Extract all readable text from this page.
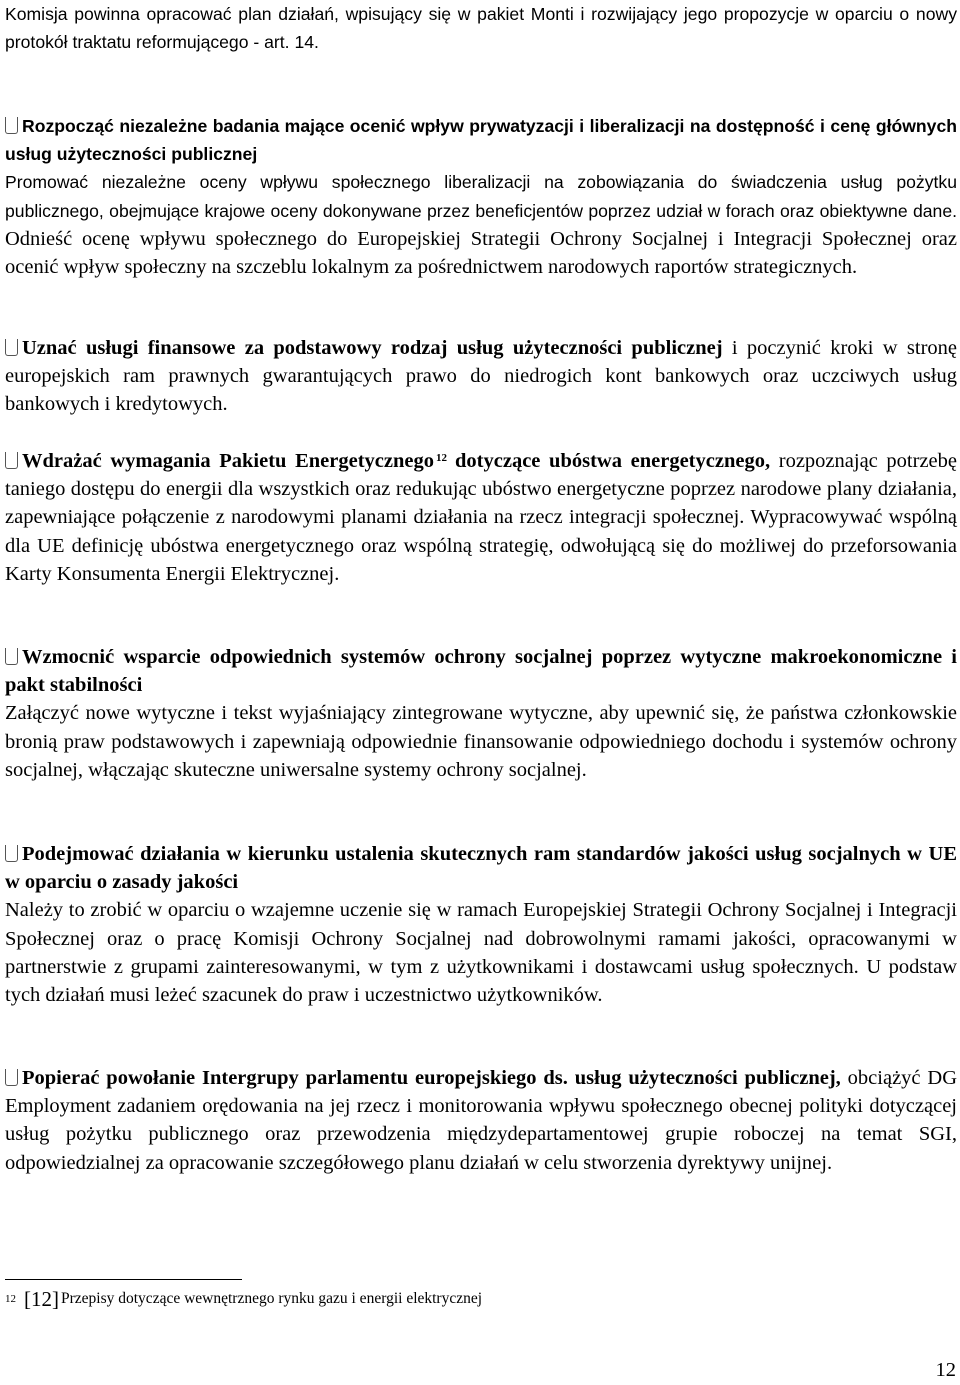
Komisja powinna opracować plan działań, wpisujący się w pakiet Monti i rozwijający jego propozycje w oparciu o nowy protokół traktatu reformującego - art. 14.

Rozpocząć niezależne badania mające ocenić wpływ prywatyzacji i liberalizacji na dostępność i cenę głównych usług użyteczności publicznej

Promować niezależne oceny wpływu społecznego liberalizacji na zobowiązania do świadczenia usług pożytku publicznego, obejmujące krajowe oceny dokonywane przez beneficjentów poprzez udział w forach oraz obiektywne dane. Odnieść ocenę wpływu społecznego do Europejskiej Strategii Ochrony Socjalnej i Integracji Społecznej oraz ocenić wpływ społeczny na szczeblu lokalnym za pośrednictwem narodowych raportów strategicznych.

Uznać usługi finansowe za podstawowy rodzaj usług użyteczności publicznej i poczynić kroki w stronę europejskich ram prawnych gwarantujących prawo do niedrogich kont bankowych oraz uczciwych usług bankowych i kredytowych.

Wdrażać wymagania Pakietu Energetycznego $^{12}$ dotyczące ubóstwa energetycznego, rozpoznając potrzebę taniego dostępu do energii dla wszystkich oraz redukując ubóstwo energetyczne poprzez narodowe plany działania, zapewniające połączenie z narodowymi planami działania na rzecz integracji społecznej. Wypracowywać wspólną dla UE definicję ubóstwa energetycznego oraz wspólną strategię, odwołującą się do możliwej do przeforsowania Karty Konsumenta Energii Elektrycznej.

Wzmocnić wsparcie odpowiednich systemów ochrony socjalnej poprzez wytyczne makroekonomiczne i pakt stabilności

Załączyć nowe wytyczne i tekst wyjaśniający zintegrowane wytyczne, aby upewnić się, że państwa członkowskie bronią praw podstawowych i zapewniają odpowiednie finansowanie odpowiedniego dochodu i systemów ochrony socjalnej, włączając skuteczne uniwersalne systemy ochrony socjalnej.

Podejmować działania w kierunku ustalenia skutecznych ram standardów jakości usług socjalnych w UE w oparciu o zasady jakości

Należy to zrobić w oparciu o wzajemne uczenie się w ramach Europejskiej Strategii Ochrony Socjalnej i Integracji Społecznej oraz o pracę Komisji Ochrony Socjalnej nad dobrowolnymi ramami jakości, opracowanymi w partnerstwie z grupami zainteresowanymi, w tym z użytkownikami i dostawcami usług społecznych. U podstaw tych działań musi leżeć szacunek do praw i uczestnictwo użytkowników.

Popierać powołanie Intergrupy parlamentu europejskiego ds. usług użyteczności publicznej, obciążyć DG Employment zadaniem orędowania na jej rzecz i monitorowania wpływu społecznego obecnej polityki dotyczącej usług pożytku publicznego oraz przewodzenia międzydepartamentowej grupie roboczej na temat SGI, odpowiedzialnej za opracowanie szczegółowego planu działań w celu stworzenia dyrektywy unijnej.

$^{12}$ [12] Przepisy dotyczące wewnętrznego rynku gazu i energii elektrycznej
12
